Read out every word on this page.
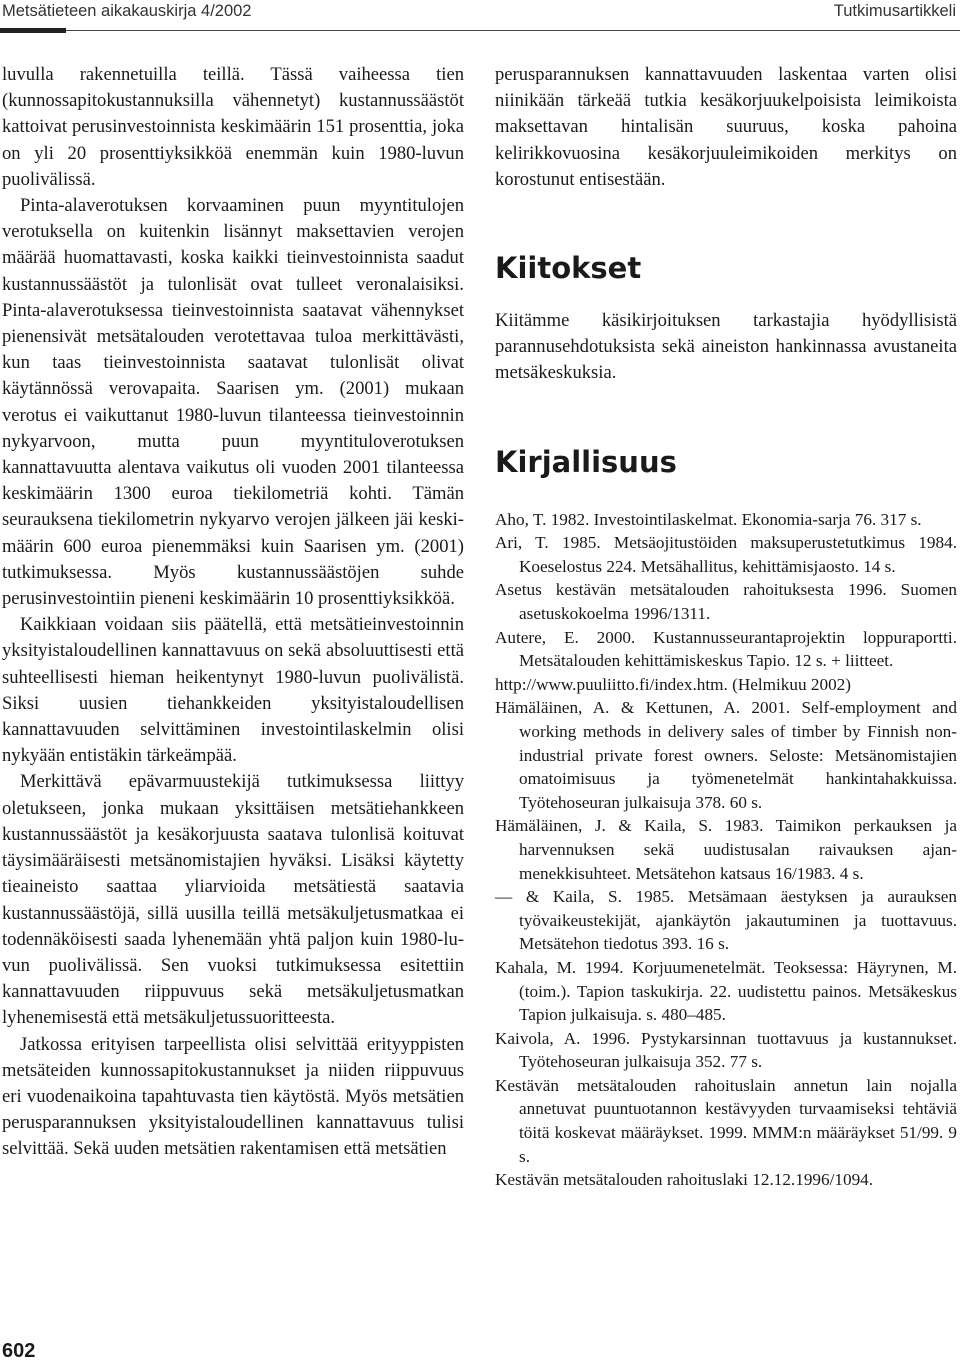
Metsätieteen aikakauskirja 4/2002	Tutkimusartikkeli

luvulla rakennetuilla teillä. Tässä vaiheessa tien (kunnossapitokustannuksilla vähennetyt) kustannussäästöt kattoivat perusinvestoinnista keskimäärin 151 prosenttia, joka on yli 20 prosenttiyksikköä enemmän kuin 1980-luvun puolivälissä.

Pinta-alaverotuksen korvaaminen puun myyntitulojen verotuksella on kuitenkin lisännyt maksettavien verojen määrää huomattavasti, koska kaikki tieinvestoinnista saadut kustannussäästöt ja tulonlisät ovat tulleet veronalaisiksi. Pinta-alaverotuksessa tieinvestoinnista saatavat vähennykset pienensivät metsätalouden verotettavaa tuloa merkittävästi, kun taas tieinvestoinnista saatavat tulonlisät olivat käytännössä verovapaita. Saarisen ym. (2001) mukaan verotus ei vaikuttanut 1980-luvun tilanteessa tieinvestoinnin nykyarvoon, mutta puun myyntituloverotuksen kannattavuutta alentava vaikutus oli vuoden 2001 tilanteessa keskimäärin 1300 euroa tiekilometriä kohti. Tämän seurauksena tiekilometrin nykyarvo verojen jälkeen jäi keskimäärin 600 euroa pienemmäksi kuin Saarisen ym. (2001) tutkimuksessa. Myös kustannussäästöjen suhde perusinvestointiin pieneni keskimäärin 10 prosenttiyksikköä.

Kaikkiaan voidaan siis päätellä, että metsätieinvestoinnin yksityistaloudellinen kannattavuus on sekä absoluuttisesti että suhteellisesti hieman heikentynyt 1980-luvun puolivälistä. Siksi uusien tiehankkeiden yksityistaloudellisen kannattavuuden selvittäminen investointilaskelmin olisi nykyään entistäkin tärkeämpää.

Merkittävä epävarmuustekijä tutkimuksessa liittyy oletukseen, jonka mukaan yksittäisen metsätiehankkeen kustannussäästöt ja kesäkorjuusta saatava tulonlisä koituvat täysimääräisesti metsänomistajien hyväksi. Lisäksi käytetty tieaineisto saattaa yliarvioida metsätiestä saatavia kustannussäästöjä, sillä uusilla teillä metsäkuljetusmatkaa ei todennäköisesti saada lyhenemään yhtä paljon kuin 1980-luvun puolivälissä. Sen vuoksi tutkimuksessa esitettiin kannattavuuden riippuvuus sekä metsäkuljetusmatkan lyhenemisestä että metsäkuljetussuoritteesta.

Jatkossa erityisen tarpeellista olisi selvittää erityyppisten metsäteiden kunnossapitokustannukset ja niiden riippuvuus eri vuodenaikoina tapahtuvasta tien käytöstä. Myös metsätien perusparannuksen yksityistaloudellinen kannattavuus tulisi selvittää. Sekä uuden metsätien rakentamisen että metsätien

perusparannuksen kannattavuuden laskentaa varten olisi niinikään tärkeää tutkia kesäkorjuukelpoisista leimikoista maksettavan hintalisän suuruus, koska pahoina kelirikkovuosina kesäkorjuuleimikoiden merkitys on korostunut entisestään.

Kiitokset

Kiitämme käsikirjoituksen tarkastajia hyödyllisistä parannusehdotuksista sekä aineiston hankinnassa avustaneita metsäkeskuksia.

Kirjallisuus

Aho, T. 1982. Investointilaskelmat. Ekonomia-sarja 76. 317 s.

Ari, T. 1985. Metsäojitustöiden maksuperustetutkimus 1984. Koeselostus 224. Metsähallitus, kehittämisjaosto. 14 s.

Asetus kestävän metsätalouden rahoituksesta 1996. Suomen asetuskokoelma 1996/1311.

Autere, E. 2000. Kustannusseurantaprojektin loppuraportti. Metsätalouden kehittämiskeskus Tapio. 12 s. + liitteet.

http://www.puuliitto.fi/index.htm. (Helmikuu 2002)

Hämäläinen, A. & Kettunen, A. 2001. Self-employment and working methods in delivery sales of timber by Finnish non-industrial private forest owners. Seloste: Metsänomistajien omatoimisuus ja työmenetelmät hankintahakkuissa. Työtehoseuran julkaisuja 378. 60 s.

Hämäläinen, J. & Kaila, S. 1983. Taimikon perkauksen ja harvennuksen sekä uudistusalan raivauksen ajanmenekkisuhteet. Metsätehon katsaus 16/1983. 4 s.

— & Kaila, S. 1985. Metsämaan äestyksen ja aurauksen työvaikeustekijät, ajankäytön jakautuminen ja tuottavuus. Metsätehon tiedotus 393. 16 s.

Kahala, M. 1994. Korjuumenetelmät. Teoksessa: Häyrynen, M. (toim.). Tapion taskukirja. 22. uudistettu painos. Metsäkeskus Tapion julkaisuja. s. 480–485.

Kaivola, A. 1996. Pystykarsinnan tuottavuus ja kustannukset. Työtehoseuran julkaisuja 352. 77 s.

Kestävän metsätalouden rahoituslain annetun lain nojalla annetuvat puuntuotannon kestävyyden turvaamiseksi tehtäviä töitä koskevat määräykset. 1999. MMM:n määräykset 51/99. 9 s.

Kestävän metsätalouden rahoituslaki 12.12.1996/1094.

602
